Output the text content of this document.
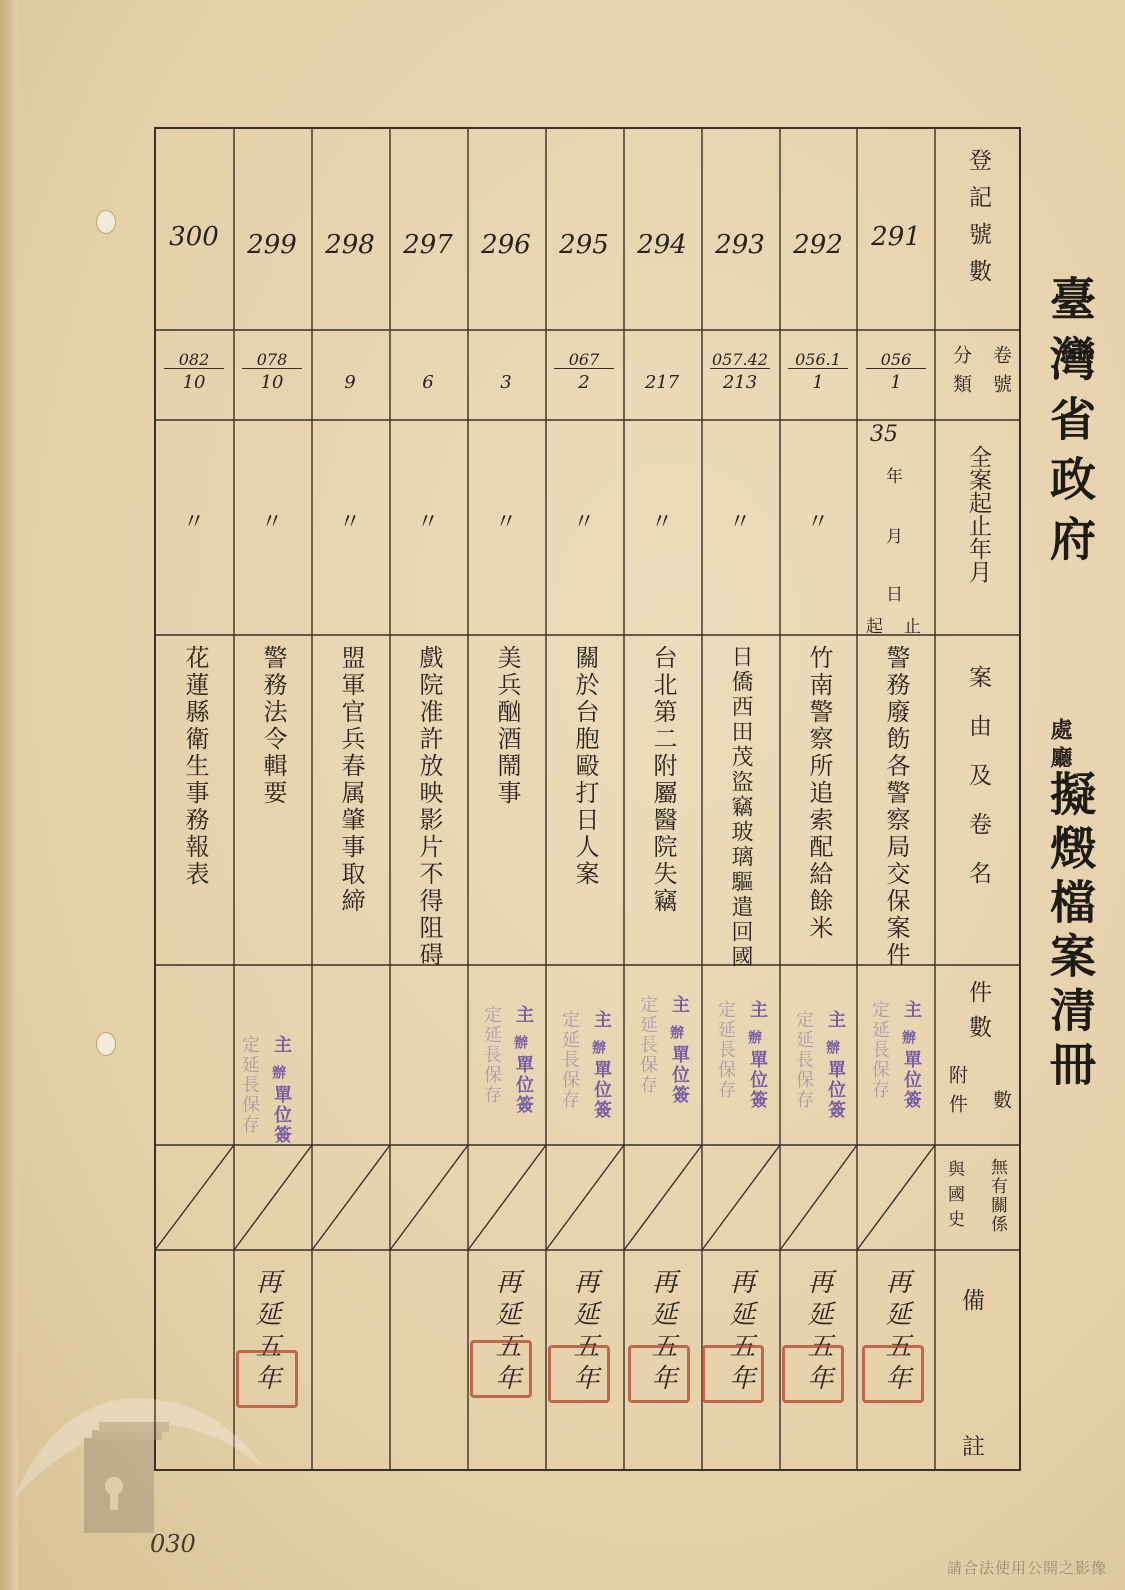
臺灣省政府
處廳
擬燬檔案清冊
登記號數
卷號
分類
全案起止年月
案由及卷名
件數
附件 數
無有關係
與國史
備
註
35
年
月
日
起 止
291
056
1
警務廢飭各警察局交保案件
主
辦
單位簽
定延長保存
再延五年
292
056.1
1
〃
竹南警察所追索配給餘米
主
辦
單位簽
定延長保存
再延五年
293
057.42
213
〃
日僑西田茂盜竊玻璃驅遣回國
主
辦
單位簽
定延長保存
再延五年
294
217
〃
台北第二附屬醫院失竊
主
辦
單位簽
定延長保存
再延五年
295
067
2
〃
關於台胞毆打日人案
主
辦
單位簽
定延長保存
再延五年
296
3
〃
美兵酗酒鬧事
主
辦
單位簽
定延長保存
再延五年
297
6
〃
戲院准許放映影片不得阻碍
298
9
〃
盟軍官兵春属肇事取締
299
078
10
〃
警務法令輯要
主
辦
單位簽
定延長保存
再延五年
300
082
10
〃
花蓮縣衛生事務報表
030
請合法使用公開之影像
